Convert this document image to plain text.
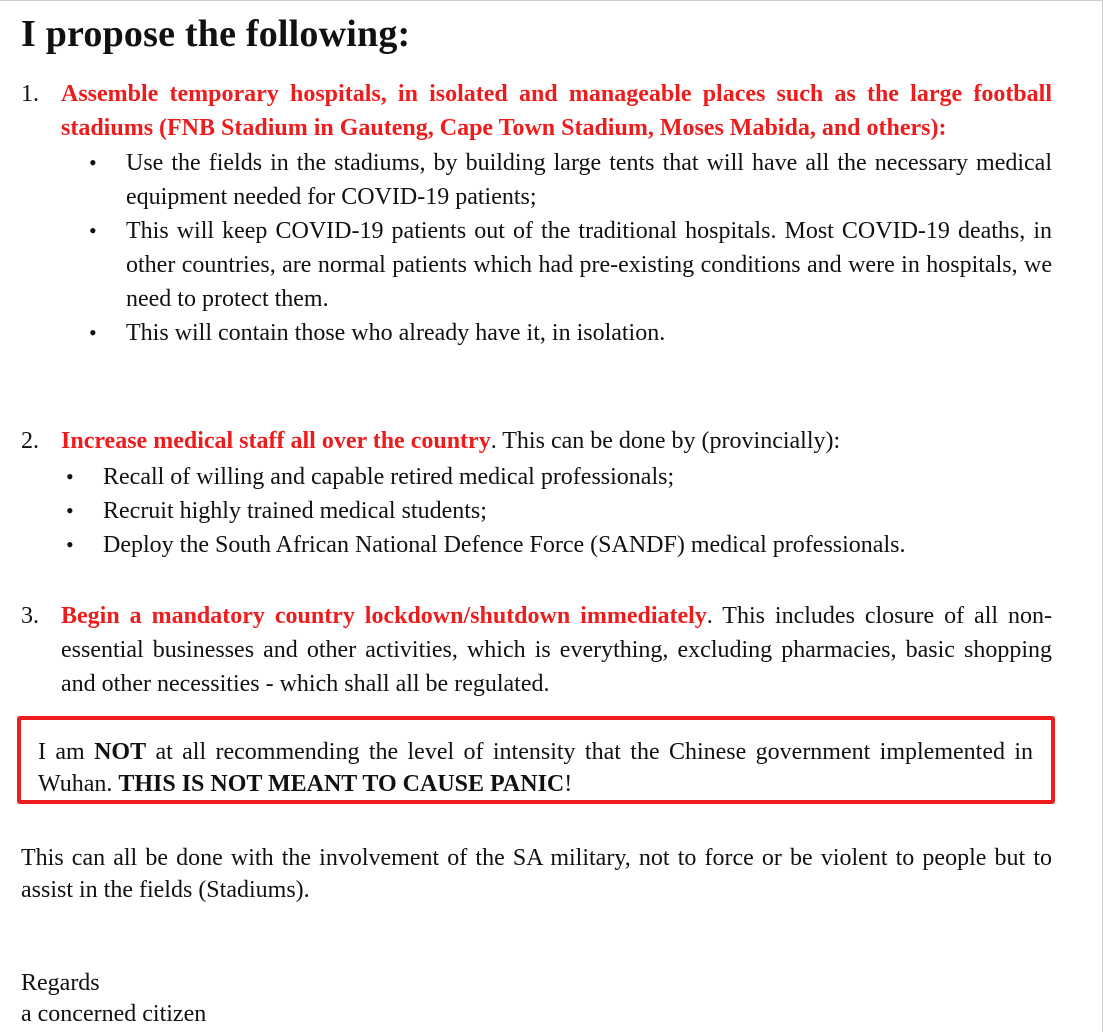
I propose the following:
1. Assemble temporary hospitals, in isolated and manageable places such as the large football stadiums (FNB Stadium in Gauteng, Cape Town Stadium, Moses Mabida, and others):
• Use the fields in the stadiums, by building large tents that will have all the necessary medical equipment needed for COVID-19 patients;
• This will keep COVID-19 patients out of the traditional hospitals. Most COVID-19 deaths, in other countries, are normal patients which had pre-existing conditions and were in hospitals, we need to protect them.
• This will contain those who already have it, in isolation.
2. Increase medical staff all over the country. This can be done by (provincially):
• Recall of willing and capable retired medical professionals;
• Recruit highly trained medical students;
• Deploy the South African National Defence Force (SANDF) medical professionals.
3. Begin a mandatory country lockdown/shutdown immediately. This includes closure of all non-essential businesses and other activities, which is everything, excluding pharmacies, basic shopping and other necessities - which shall all be regulated.
I am NOT at all recommending the level of intensity that the Chinese government implemented in Wuhan. THIS IS NOT MEANT TO CAUSE PANIC!
This can all be done with the involvement of the SA military, not to force or be violent to people but to assist in the fields (Stadiums).
Regards
a concerned citizen
